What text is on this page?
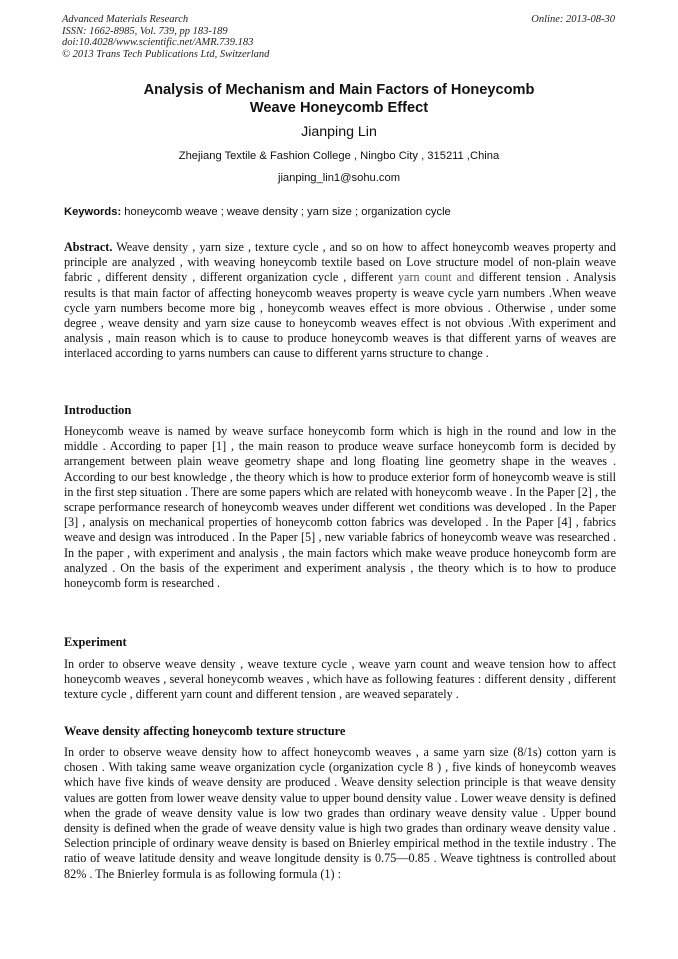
Advanced Materials Research
ISSN: 1662-8985, Vol. 739, pp 183-189
doi:10.4028/www.scientific.net/AMR.739.183
© 2013 Trans Tech Publications Ltd, Switzerland
Online: 2013-08-30
Analysis of Mechanism and Main Factors of Honeycomb
Weave Honeycomb Effect
Jianping Lin
Zhejiang Textile & Fashion College , Ningbo City , 315211 ,China
jianping_lin1@sohu.com
Keywords: honeycomb weave ; weave density ; yarn size ; organization cycle
Abstract. Weave density , yarn size , texture cycle , and so on how to affect honeycomb weaves property and principle are analyzed , with weaving honeycomb textile based on Love structure model of non-plain weave fabric , different density , different organization cycle , different yarn count and different tension . Analysis results is that main factor of affecting honeycomb weaves property is weave cycle yarn numbers .When weave cycle yarn numbers become more big , honeycomb weaves effect is more obvious . Otherwise , under some degree , weave density and yarn size cause to honeycomb weaves effect is not obvious .With experiment and analysis , main reason which is to cause to produce honeycomb weaves is that different yarns of weaves are interlaced according to yarns numbers can cause to different yarns structure to change .
Introduction
Honeycomb weave is named by weave surface honeycomb form which is high in the round and low in the middle . According to paper [1] , the main reason to produce weave surface honeycomb form is decided by arrangement between plain weave geometry shape and long floating line geometry shape in the weaves . According to our best knowledge , the theory which is how to produce exterior form of honeycomb weave is still in the first step situation . There are some papers which are related with honeycomb weave . In the Paper [2] , the scrape performance research of honeycomb weaves under different wet conditions was developed . In the Paper [3] , analysis on mechanical properties of honeycomb cotton fabrics was developed . In the Paper [4] , fabrics weave and design was introduced . In the Paper [5] , new variable fabrics of honeycomb weave was researched . In the paper , with experiment and analysis , the main factors which make weave produce honeycomb form are analyzed . On the basis of the experiment and experiment analysis , the theory which is to how to produce honeycomb form is researched .
Experiment
In order to observe weave density , weave texture cycle , weave yarn count and weave tension how to affect honeycomb weaves , several honeycomb weaves , which have as following features : different density , different texture cycle , different yarn count and different tension , are weaved separately .
Weave density affecting honeycomb texture structure
In order to observe weave density how to affect honeycomb weaves , a same yarn size (8/1s) cotton yarn is chosen . With taking same weave organization cycle (organization cycle 8 ) , five kinds of honeycomb weaves which have five kinds of weave density are produced . Weave density selection principle is that weave density values are gotten from lower weave density value to upper bound density value . Lower weave density is defined when the grade of weave density value is low two grades than ordinary weave density value . Upper bound density is defined when the grade of weave density value is high two grades than ordinary weave density value . Selection principle of ordinary weave density is based on Bnierley empirical method in the textile industry . The ratio of weave latitude density and weave longitude density is 0.75—0.85 . Weave tightness is controlled about 82% . The Bnierley formula is as following formula (1) :
